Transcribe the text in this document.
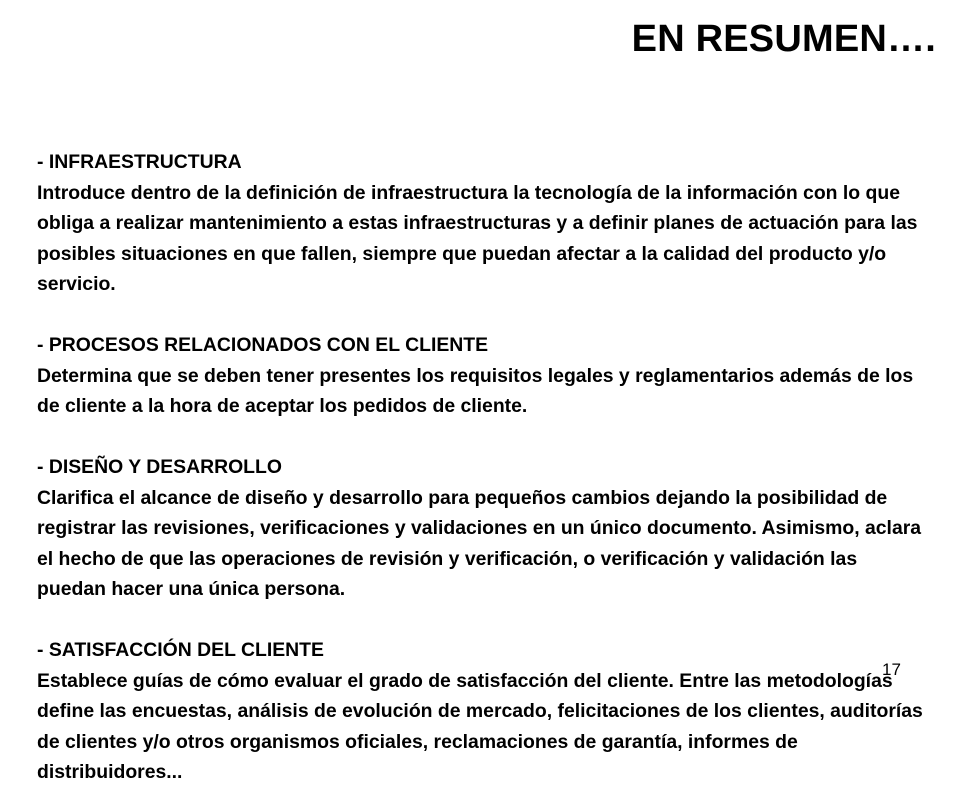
EN RESUMEN….
- INFRAESTRUCTURA
Introduce dentro de la definición de infraestructura la tecnología de la información con lo que obliga a realizar mantenimiento a estas infraestructuras y a definir planes de actuación para las posibles situaciones en que fallen, siempre que puedan afectar a la calidad del producto y/o servicio.
- PROCESOS RELACIONADOS CON EL CLIENTE
Determina que se deben tener presentes los requisitos legales y reglamentarios además de los de cliente a la hora de aceptar los pedidos de cliente.
- DISEÑO Y DESARROLLO
Clarifica el alcance de diseño y desarrollo para pequeños cambios dejando la posibilidad de registrar las revisiones, verificaciones y validaciones en un único documento. Asimismo, aclara el hecho de que las operaciones de revisión y verificación, o verificación y validación las puedan hacer una única persona.
- SATISFACCIÓN DEL CLIENTE
Establece guías de cómo evaluar el grado de satisfacción del cliente. Entre las metodologías define las encuestas, análisis de evolución de mercado, felicitaciones de los clientes, auditorías de clientes y/o otros organismos oficiales, reclamaciones de garantía, informes de distribuidores...
17
